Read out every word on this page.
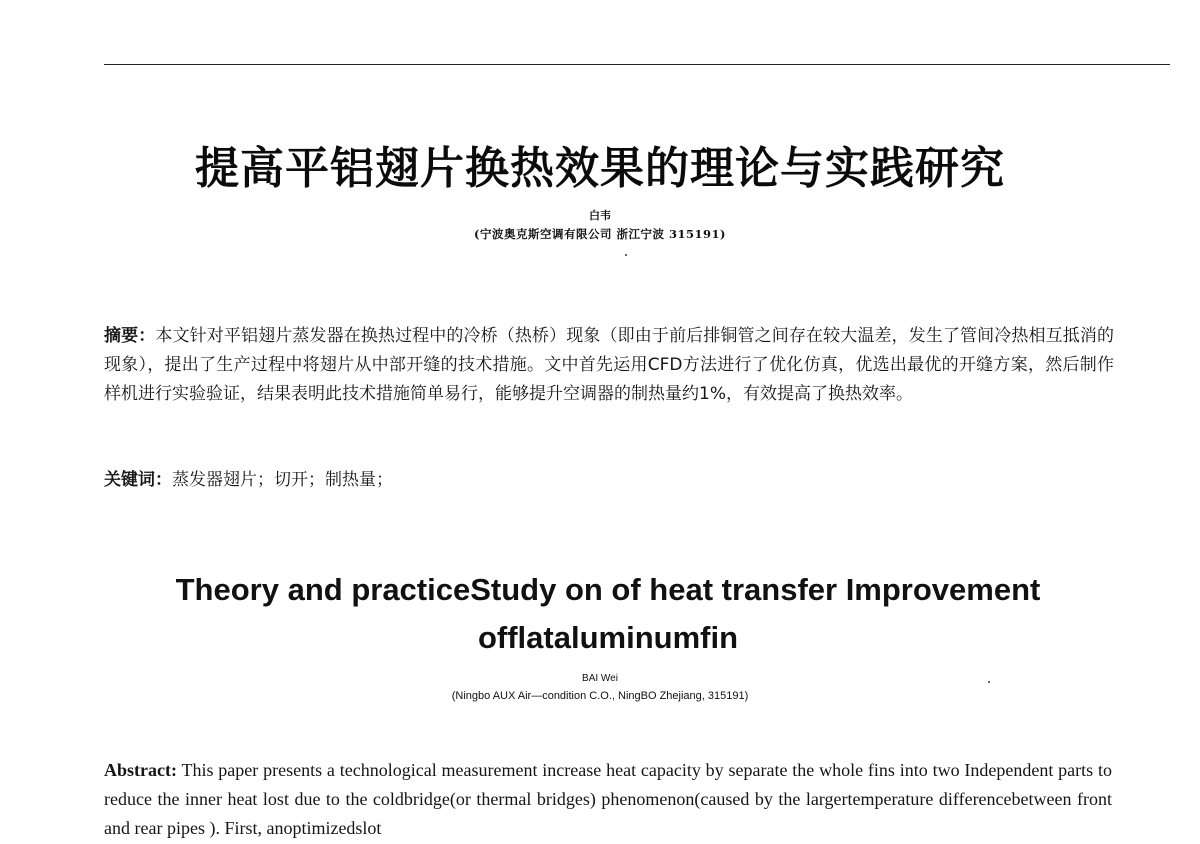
提高平铝翅片换热效果的理论与实践研究
白韦
(宁波奥克斯空调有限公司 浙江宁波 315191)
摘要：本文针对平铝翅片蒸发器在换热过程中的冷桥（热桥）现象（即由于前后排铜管之间存在较大温差，发生了管间冷热相互抵消的现象），提出了生产过程中将翅片从中部开缝的技术措施。文中首先运用CFD方法进行了优化仿真，优选出最优的开缝方案，然后制作样机进行实验验证，结果表明此技术措施简单易行，能够提升空调器的制热量约1%，有效提高了换热效率。
关键词：蒸发器翅片；切开；制热量；
Theory and practiceStudy on of heat transfer Improvement
offlataluminumfin
BAI Wei
(Ningbo AUX Air—condition C.O., NingBO Zhejiang, 315191)
Abstract: This paper presents a technological measurement increase heat capacity by separate the whole fins into two Independent parts to reduce the inner heat lost due to the coldbridge(or thermal bridges) phenomenon(caused by the largertemperature differencebetween front and rear pipes ). First, anoptimizedslot
